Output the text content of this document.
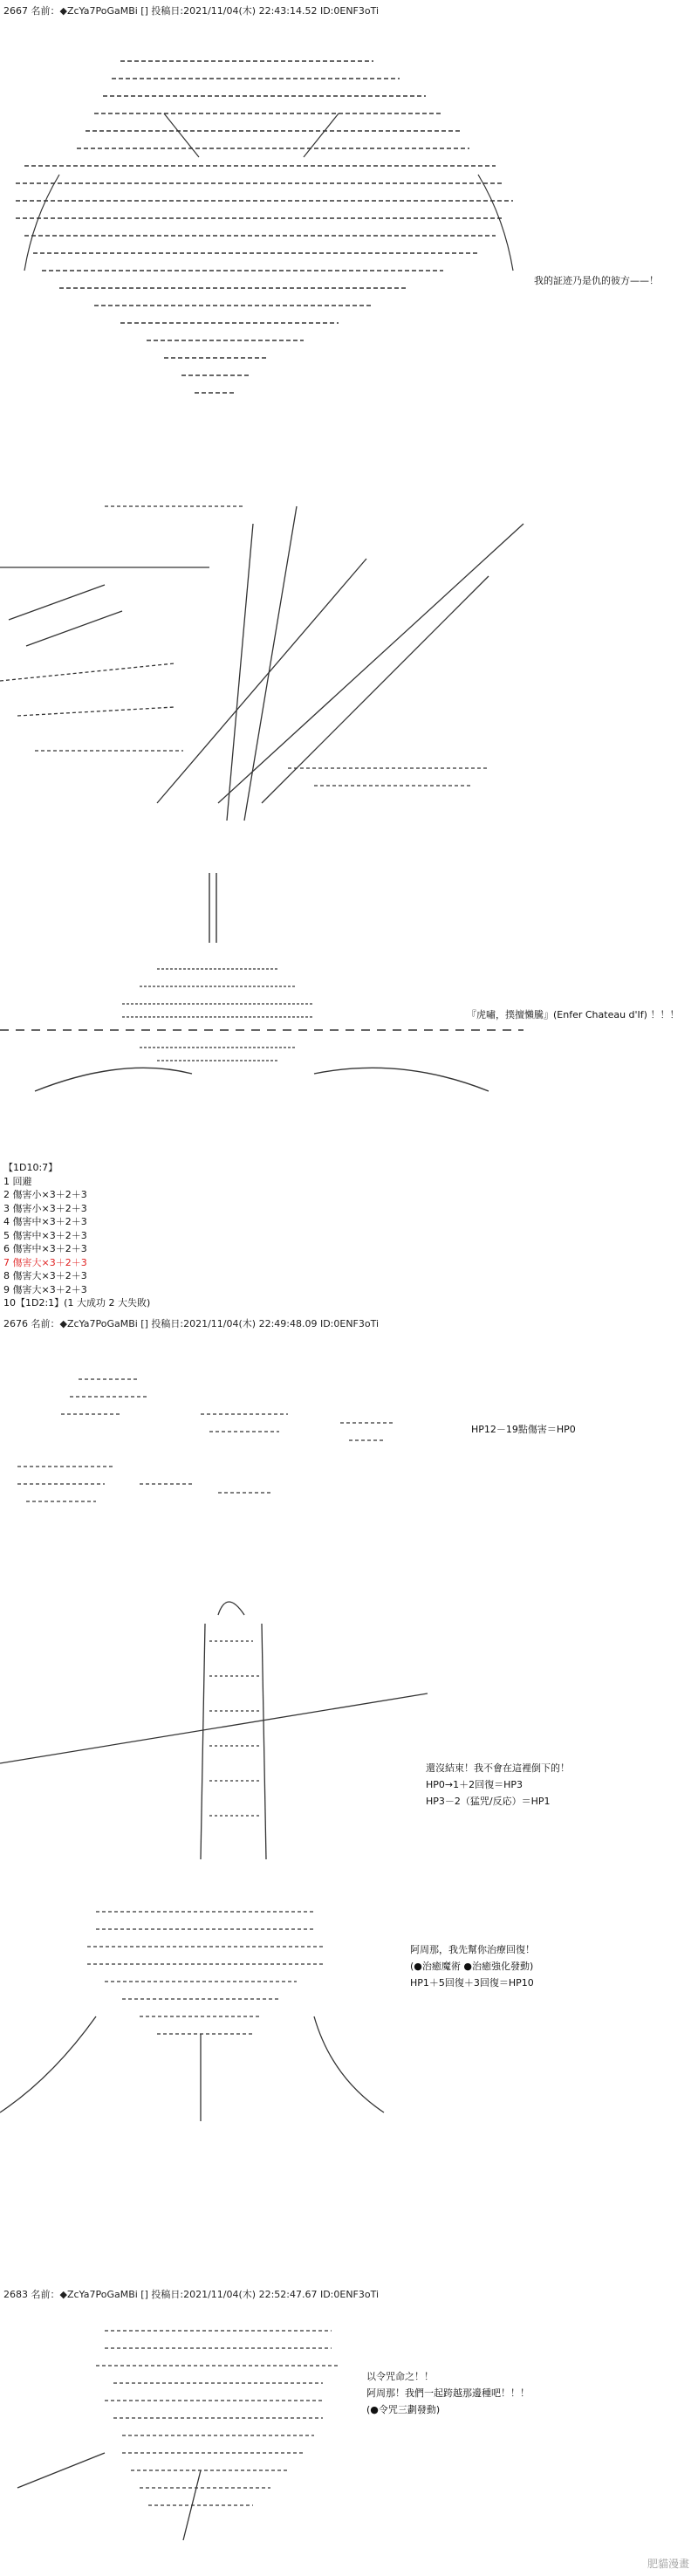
2667 名前：◆ZcYa7PoGaMBi [] 投稿日:2021/11/04(木) 22:43:14.52 ID:0ENF3oTi
我的証迹乃是仇的彼方——！
『虎嘯，撲擅懶騰』(Enfer Chateau d'If) ！！！
【1D10:7】
1 回避
2 傷害小×3＋2＋3
3 傷害小×3＋2＋3
4 傷害中×3＋2＋3
5 傷害中×3＋2＋3
6 傷害中×3＋2＋3
7 傷害大×3＋2＋3
8 傷害大×3＋2＋3
9 傷害大×3＋2＋3
10【1D2:1】(1 大成功 2 大失敗)
2676 名前：◆ZcYa7PoGaMBi [] 投稿日:2021/11/04(木) 22:49:48.09 ID:0ENF3oTi
HP12－19點傷害＝HP0
還沒結束！我不會在這裡倒下的！
HP0→1＋2回復＝HP3
HP3－2（猛咒/反応）＝HP1
阿周那，我先幫你治療回復！
(●治癒魔術 ●治癒強化發動)
HP1＋5回復＋3回復＝HP10
2683 名前：◆ZcYa7PoGaMBi [] 投稿日:2021/11/04(木) 22:52:47.67 ID:0ENF3oTi
以令咒命之！！
阿周那！我們一起跨越那邊種吧！！！
(●令咒三劃發動)
肥貓漫畫
